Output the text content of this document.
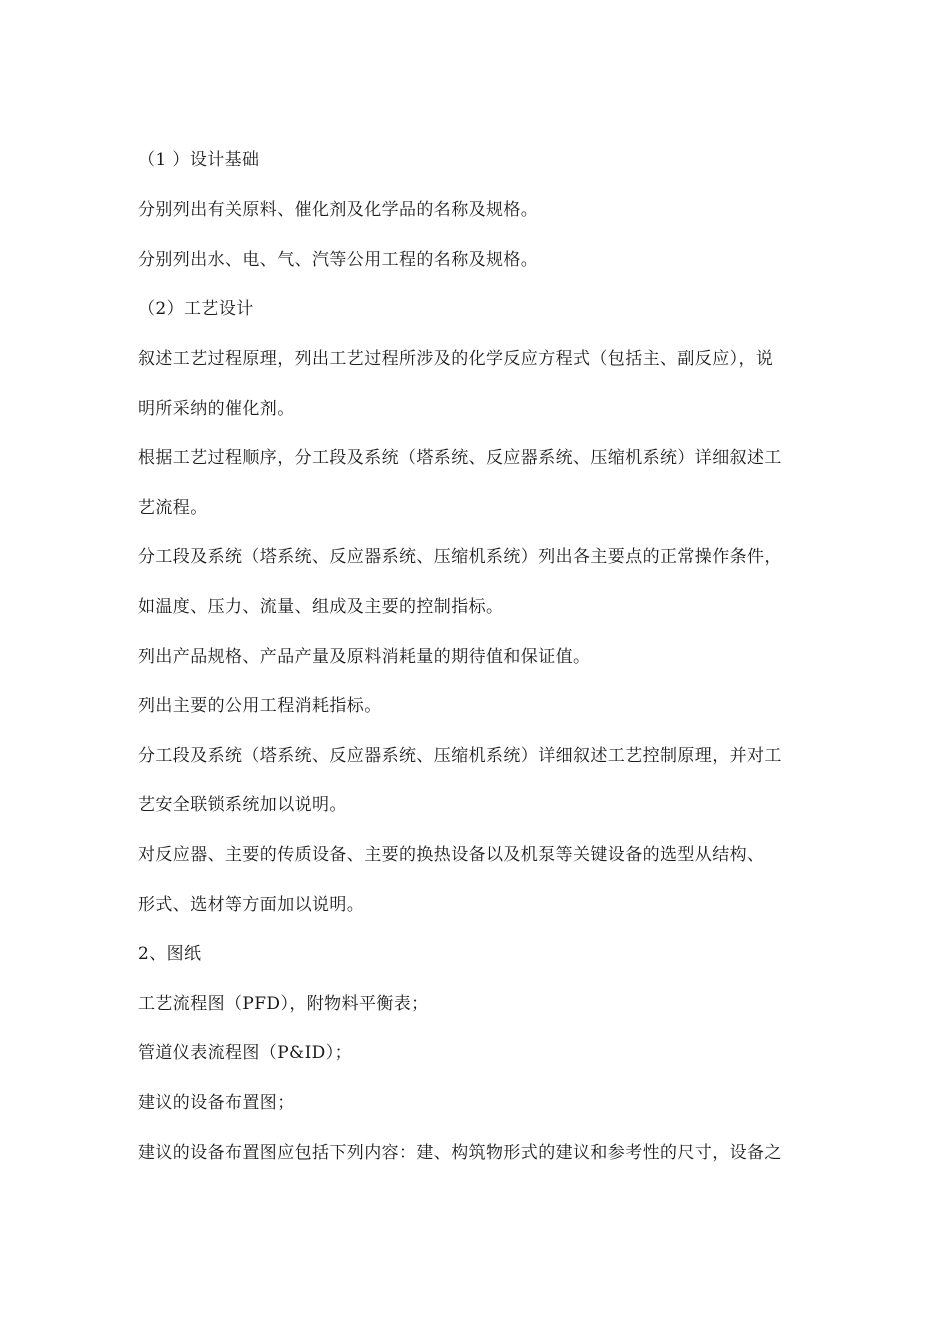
（1 ）设计基础
分别列出有关原料、催化剂及化学品的名称及规格。
分别列出水、电、气、汽等公用工程的名称及规格。
（2）工艺设计
叙述工艺过程原理，列出工艺过程所涉及的化学反应方程式（包括主、副反应），说
明所采纳的催化剂。
根据工艺过程顺序，分工段及系统（塔系统、反应器系统、压缩机系统）详细叙述工
艺流程。
分工段及系统（塔系统、反应器系统、压缩机系统）列出各主要点的正常操作条件，
如温度、压力、流量、组成及主要的控制指标。
列出产品规格、产品产量及原料消耗量的期待值和保证值。
列出主要的公用工程消耗指标。
分工段及系统（塔系统、反应器系统、压缩机系统）详细叙述工艺控制原理，并对工
艺安全联锁系统加以说明。
对反应器、主要的传质设备、主要的换热设备以及机泵等关键设备的选型从结构、
形式、选材等方面加以说明。
2、图纸
工艺流程图（PFD），附物料平衡表；
管道仪表流程图（P&ID）；
建议的设备布置图；
建议的设备布置图应包括下列内容：建、构筑物形式的建议和参考性的尺寸，设备之
